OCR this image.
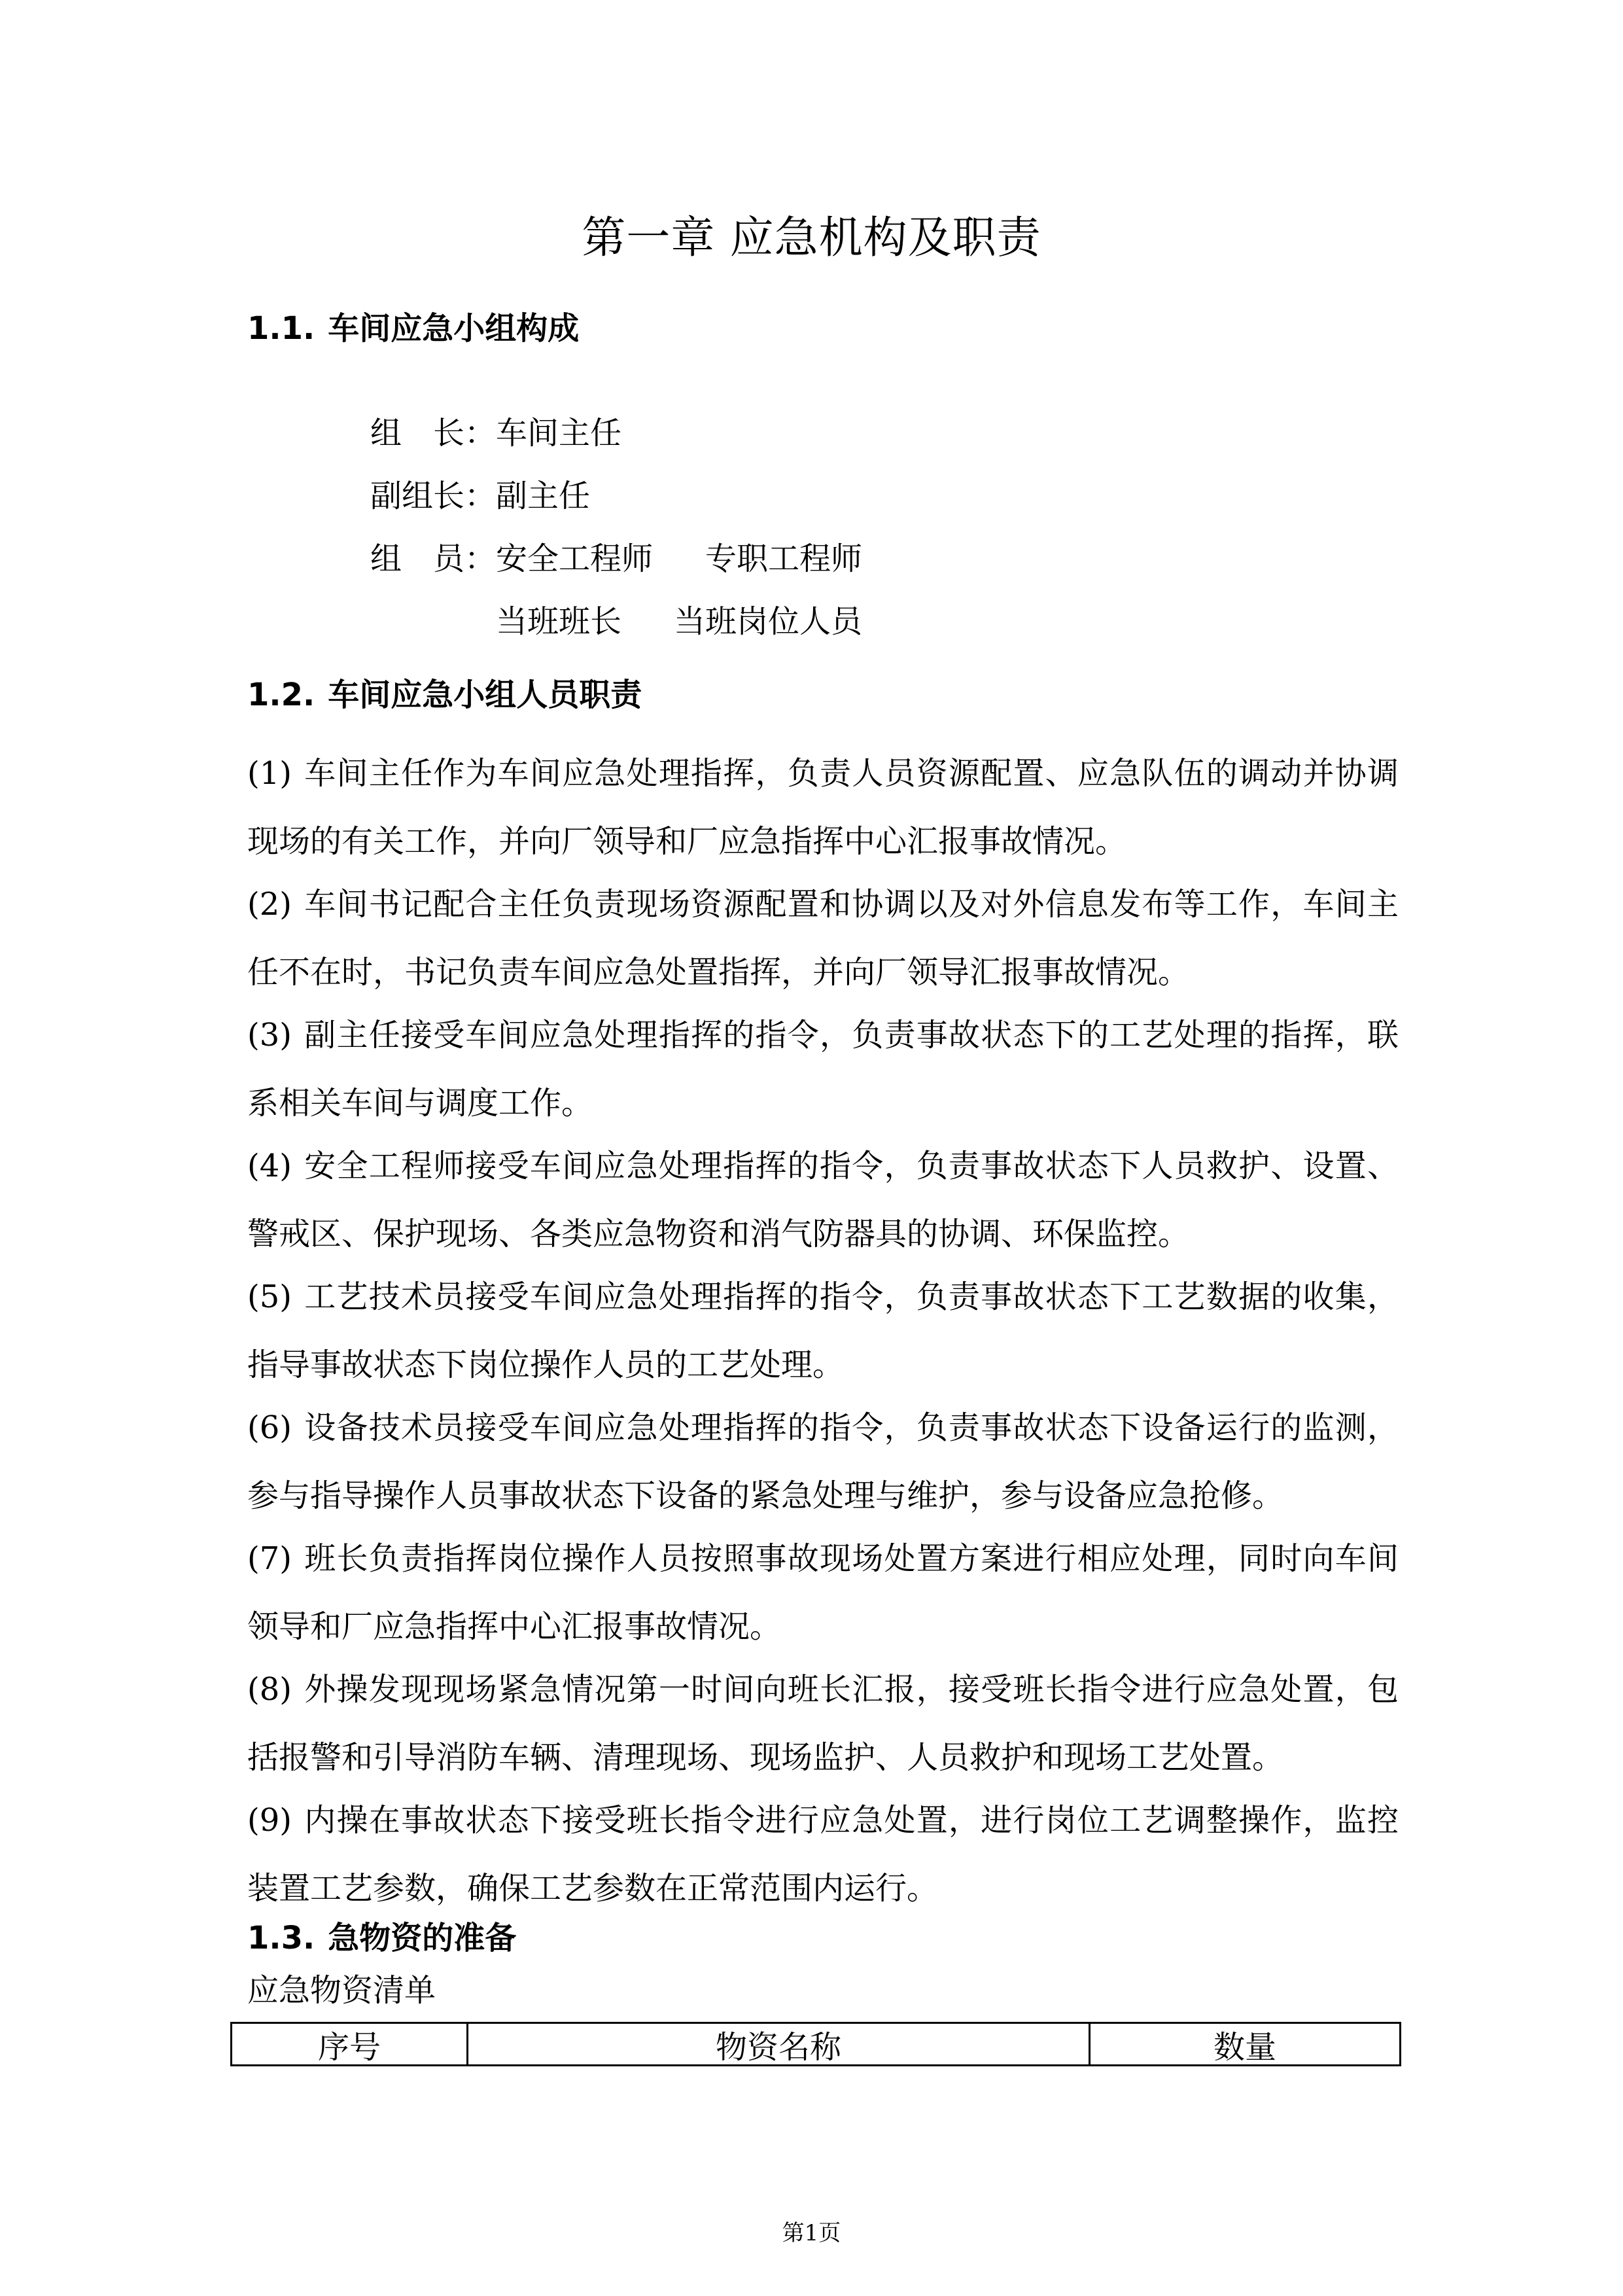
第一章 应急机构及职责
1.1. 车间应急小组构成
组　长：车间主任
副组长：副主任
组　员：安全工程师 专职工程师
当班班长 当班岗位人员
1.2. 车间应急小组人员职责
(1) 车间主任作为车间应急处理指挥，负责人员资源配置、应急队伍的调动并协调现场的有关工作，并向厂领导和厂应急指挥中心汇报事故情况。
(2) 车间书记配合主任负责现场资源配置和协调以及对外信息发布等工作，车间主任不在时，书记负责车间应急处置指挥，并向厂领导汇报事故情况。
(3) 副主任接受车间应急处理指挥的指令，负责事故状态下的工艺处理的指挥，联系相关车间与调度工作。
(4) 安全工程师接受车间应急处理指挥的指令，负责事故状态下人员救护、设置、警戒区、保护现场、各类应急物资和消气防器具的协调、环保监控。
(5) 工艺技术员接受车间应急处理指挥的指令，负责事故状态下工艺数据的收集，指导事故状态下岗位操作人员的工艺处理。
(6) 设备技术员接受车间应急处理指挥的指令，负责事故状态下设备运行的监测，参与指导操作人员事故状态下设备的紧急处理与维护，参与设备应急抢修。
(7) 班长负责指挥岗位操作人员按照事故现场处置方案进行相应处理，同时向车间领导和厂应急指挥中心汇报事故情况。
(8) 外操发现现场紧急情况第一时间向班长汇报，接受班长指令进行应急处置，包括报警和引导消防车辆、清理现场、现场监护、人员救护和现场工艺处置。
(9) 内操在事故状态下接受班长指令进行应急处置，进行岗位工艺调整操作，监控装置工艺参数，确保工艺参数在正常范围内运行。
1.3. 急物资的准备
应急物资清单
序号	物资名称	数量
第1页
